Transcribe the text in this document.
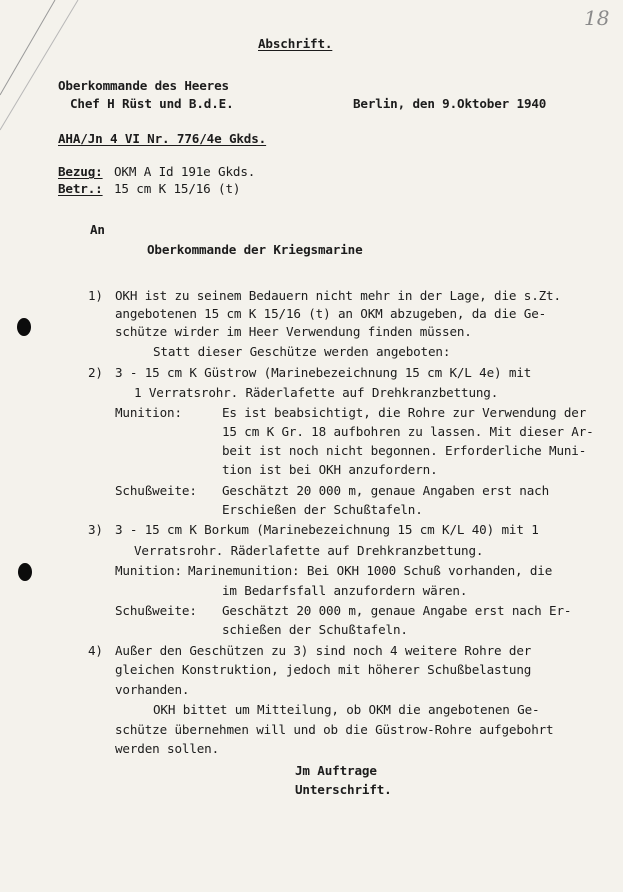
18
Abschrift.
Oberkommande des Heeres
Chef H Rüst und B.d.E.	Berlin, den 9.Oktober 1940
AHA/Jn 4 VI Nr. 776/4e Gkds.
Bezug: OKM A Id 191e Gkds.
Betr.: 15 cm K 15/16 (t)
An
Oberkommande der Kriegsmarine
1) OKH ist zu seinem Bedauern nicht mehr in der Lage, die s.Zt.
angebotenen 15 cm K 15/16 (t) an OKM abzugeben, da die Ge-
schütze wirder im Heer Verwendung finden müssen.
Statt dieser Geschütze werden angeboten:
2) 3 - 15 cm K Güstrow (Marinebezeichnung 15 cm K/L 4e) mit
1 Verratsrohr. Räderlafette auf Drehkranzbettung.
Munition:	Es ist beabsichtigt, die Rohre zur Verwendung der
15 cm K Gr. 18 aufbohren zu lassen. Mit dieser Ar-
beit ist noch nicht begonnen. Erforderliche Muni-
tion ist bei OKH anzufordern.
Schußweite: Geschätzt 20 000 m, genaue Angaben erst nach
Erschießen der Schußtafeln.
3) 3 - 15 cm K Borkum (Marinebezeichnung 15 cm K/L 40) mit 1
Verratsrohr. Räderlafette auf Drehkranzbettung.
Munition: Marinemunition: Bei OKH 1000 Schuß vorhanden, die
im Bedarfsfall anzufordern wären.
Schußweite: Geschätzt 20 000 m, genaue Angabe erst nach Er-
schießen der Schußtafeln.
4) Außer den Geschützen zu 3) sind noch 4 weitere Rohre der
gleichen Konstruktion, jedoch mit höherer Schußbelastung
vorhanden.
OKH bittet um Mitteilung, ob OKM die angebotenen Ge-
schütze übernehmen will und ob die Güstrow-Rohre aufgebohrt
werden sollen.
Jm Auftrage
Unterschrift.
